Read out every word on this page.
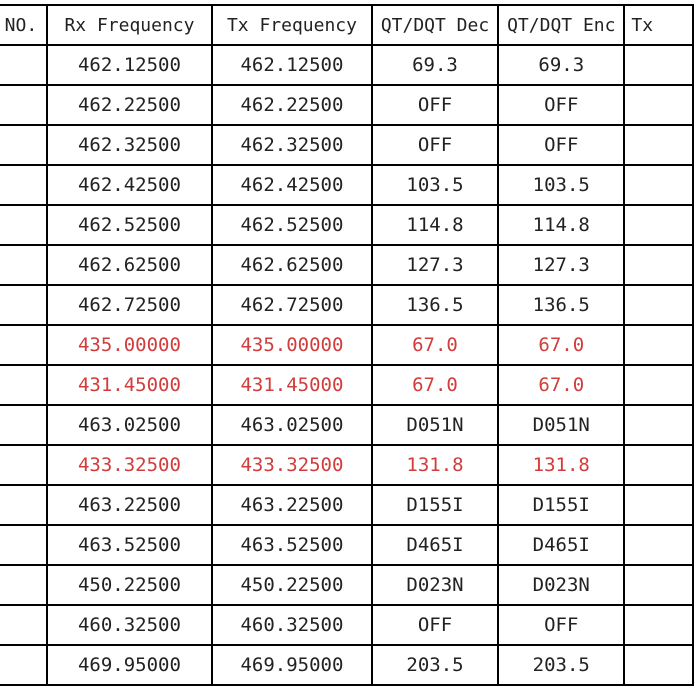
NO.	Rx Frequency	Tx Frequency	QT/DQT Dec	QT/DQT Enc	Tx
	462.12500	462.12500	69.3	69.3	
	462.22500	462.22500	OFF	OFF	
	462.32500	462.32500	OFF	OFF	
	462.42500	462.42500	103.5	103.5	
	462.52500	462.52500	114.8	114.8	
	462.62500	462.62500	127.3	127.3	
	462.72500	462.72500	136.5	136.5	
	435.00000	435.00000	67.0	67.0	
	431.45000	431.45000	67.0	67.0	
	463.02500	463.02500	D051N	D051N	
	433.32500	433.32500	131.8	131.8	
	463.22500	463.22500	D155I	D155I	
	463.52500	463.52500	D465I	D465I	
	450.22500	450.22500	D023N	D023N	
	460.32500	460.32500	OFF	OFF	
	469.95000	469.95000	203.5	203.5	
